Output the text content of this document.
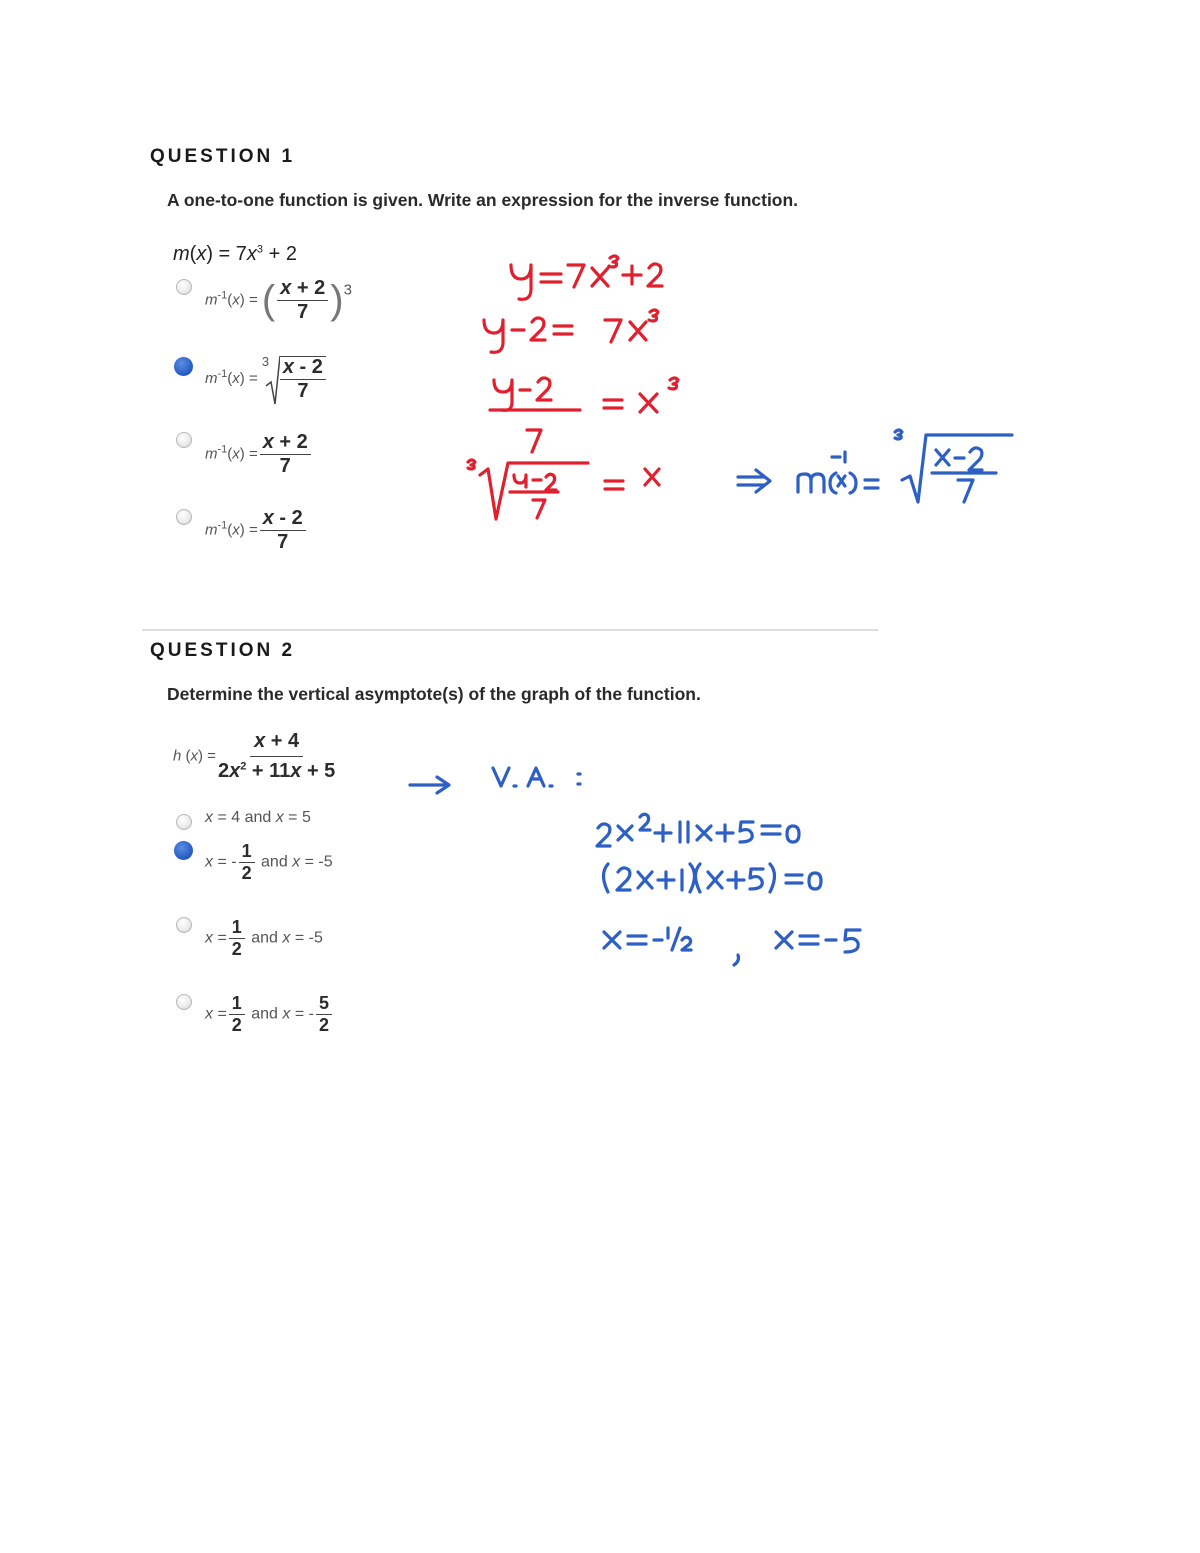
QUESTION 1
A one-to-one function is given. Write an expression for the inverse function.
$m(x) = 7x^3 + 2$
$m^{-1}(x)$ = ( $\frac{x + 2}{7} )3$
$m^{-1}(x)$ =
$3 \frac{x - 2}{7}$
$m^{-1}(x) = \frac{x + 2}{7}$
$m^{-1}(x) = \frac{x - 2}{7}$
QUESTION 2
Determine the vertical asymptote(s) of the graph of the function.
h $(x) = \frac{x + 4}{2x^2 + 11x + 5}$
x = 4 and x = 5
x = - $\frac{1}{2}$ and x = -5
$x = \frac{1}{2}$ and x = -5
$x = \frac{1}{2}$ and x = - $\frac{5}{2}$
